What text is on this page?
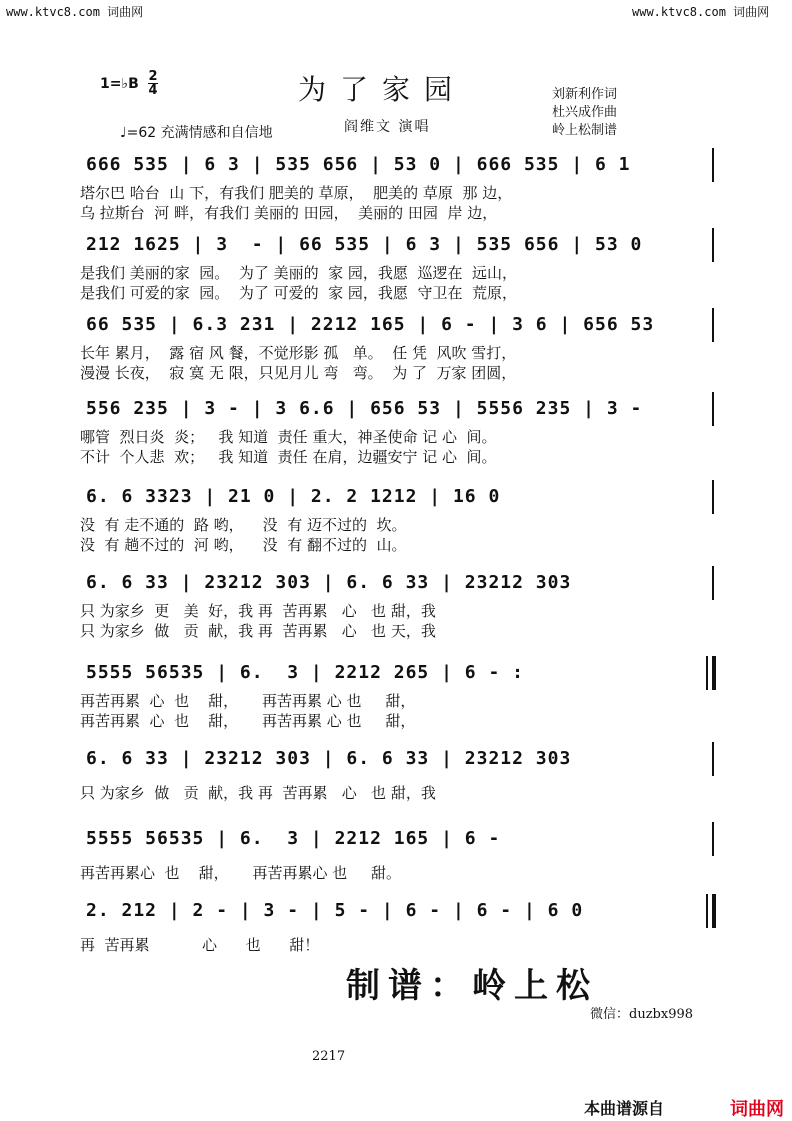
www.ktvc8.com 词曲网	www.ktvc8.com 词曲网
1=♭B 2
4	为了家园
♩=62 充满情感和自信地	阎维文 演唱
刘新利作词
杜兴成作曲
岭上松制谱
666 535 | 6 3 | 535 656 | 53 0 | 666 535 | 6 1
塔尔巴 哈台  山 下，有我们 肥美的 草原，  肥美的 草原  那 边，
乌 拉斯台  河 畔，有我们 美丽的 田园，  美丽的 田园  岸 边，
212 1625 | 3  - | 66 535 | 6 3 | 535 656 | 53 0
是我们 美丽的家  园。  为了 美丽的  家 园，我愿  巡逻在  远山，
是我们 可爱的家  园。  为了 可爱的  家 园，我愿  守卫在  荒原，
66 535 | 6.3 231 | 2212 165 | 6 - | 3 6 | 656 53
长年 累月，  露 宿 风 餐，不觉形影 孤   单。  任 凭  风吹 雪打，
漫漫 长夜，  寂 寞 无 限，只见月儿 弯   弯。  为 了  万家 团圆，
556 235 | 3 - | 3 6.6 | 656 53 | 5556 235 | 3 -
哪管  烈日炎  炎；   我 知道  责任 重大，神圣使命 记 心  间。
不计  个人悲  欢；   我 知道  责任 在肩，边疆安宁 记 心  间。
6. 6 3323 | 21 0 | 2. 2 1212 | 16 0
没  有 走不通的  路 哟，    没  有 迈不过的  坎。
没  有 趟不过的  河 哟，    没  有 翻不过的  山。
6. 6 33 | 23212 303 | 6. 6 33 | 23212 303
只 为家乡  更   美  好，我 再  苦再累   心   也 甜，我
只 为家乡  做   贡  献，我 再  苦再累   心   也 天，我
5555 56535 | 6.  3 | 2212 265 | 6 - :
再苦再累  心  也    甜，     再苦再累 心 也     甜，
再苦再累  心  也    甜，     再苦再累 心 也     甜，
6. 6 33 | 23212 303 | 6. 6 33 | 23212 303
只 为家乡  做   贡  献，我 再  苦再累   心   也 甜，我
5555 56535 | 6.  3 | 2212 165 | 6 -
再苦再累心  也    甜，     再苦再累心 也     甜。
2. 212 | 2 - | 3 - | 5 - | 6 - | 6 - | 6 0
再  苦再累           心      也      甜！
制谱：岭上松
微信：duzbx998
2217
本曲谱源自	词曲网
